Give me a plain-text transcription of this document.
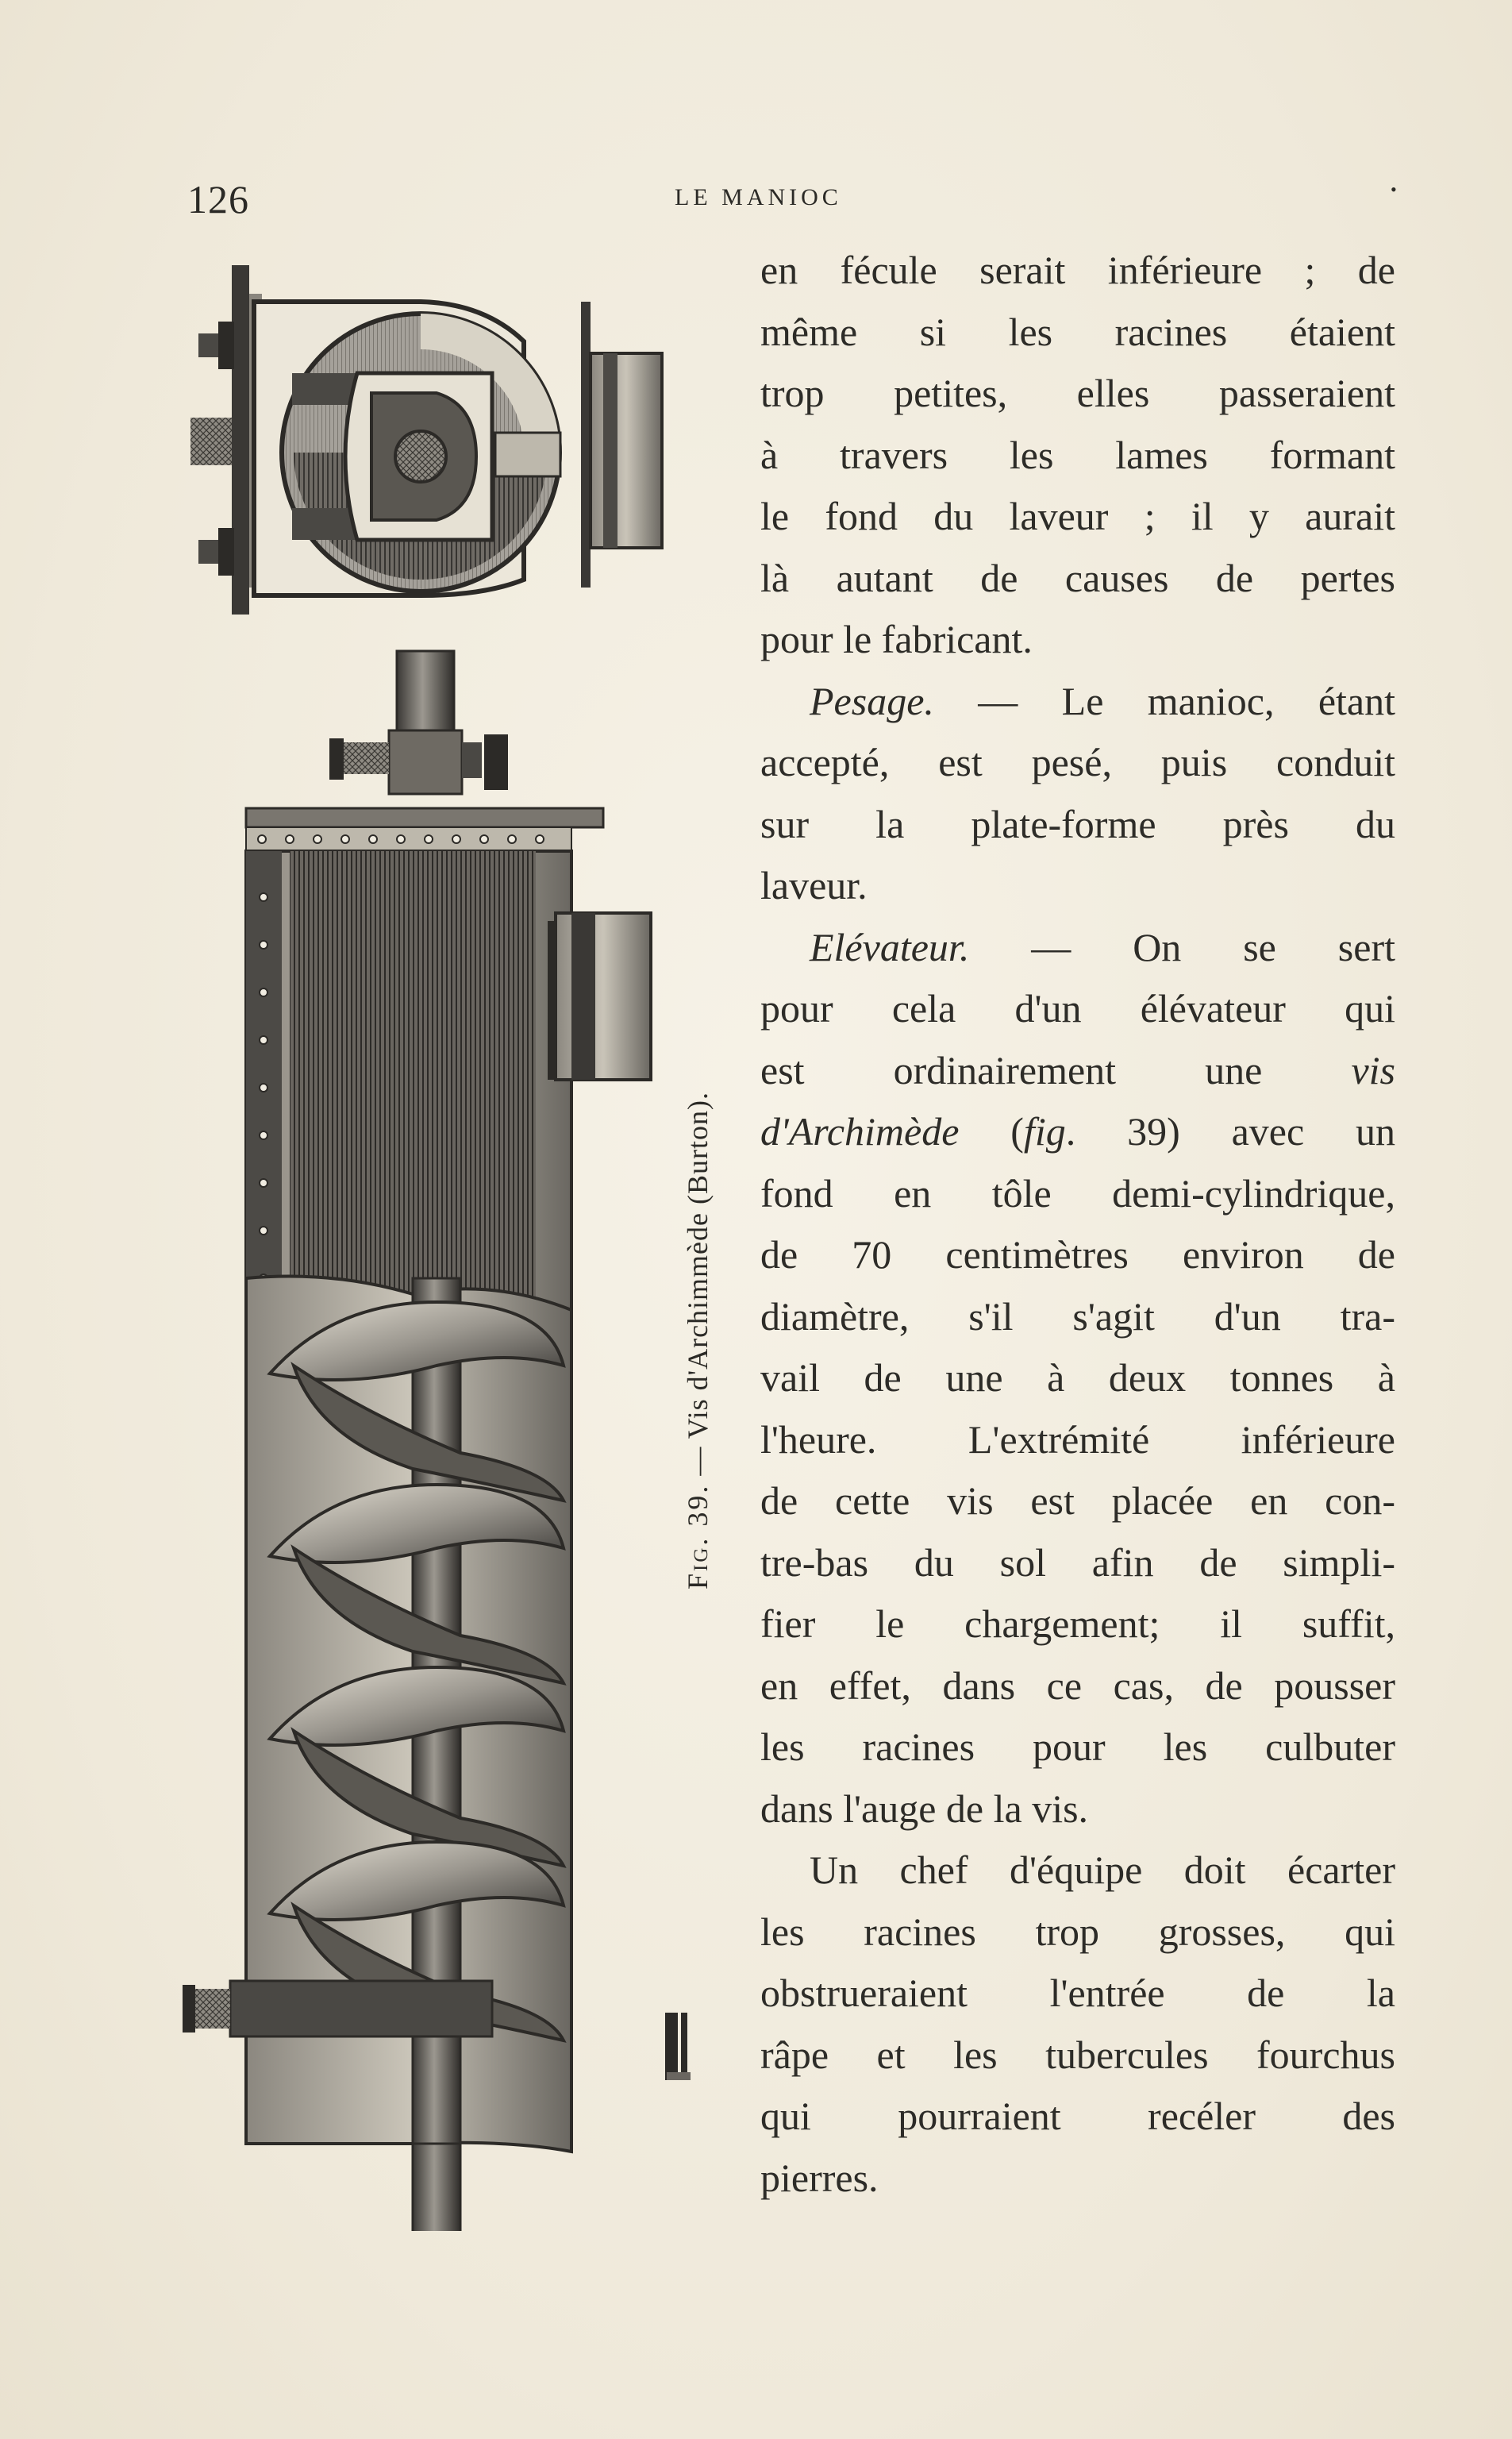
126	LE MANIOC	•
Fig. 39. — Vis d'Archimmède (Burton).
en fécule serait inférieure ; de
même si les racines étaient
trop petites, elles passeraient
à travers les lames formant
le fond du laveur ; il y aurait
là autant de causes de pertes
pour le fabricant.
Pesage. — Le manioc, étant
accepté, est pesé, puis conduit
sur la plate-forme près du
laveur.
Elévateur. — On se sert
pour cela d'un élévateur qui
est ordinairement une vis
d'Archimède (fig. 39) avec un
fond en tôle demi-cylindrique,
de 70 centimètres environ de
diamètre, s'il s'agit d'un tra-
vail de une à deux tonnes à
l'heure. L'extrémité inférieure
de cette vis est placée en con-
tre-bas du sol afin de simpli-
fier le chargement; il suffit,
en effet, dans ce cas, de pousser
les racines pour les culbuter
dans l'auge de la vis.
Un chef d'équipe doit écarter
les racines trop grosses, qui
obstrueraient l'entrée de la
râpe et les tubercules fourchus
qui pourraient recéler des
pierres.
